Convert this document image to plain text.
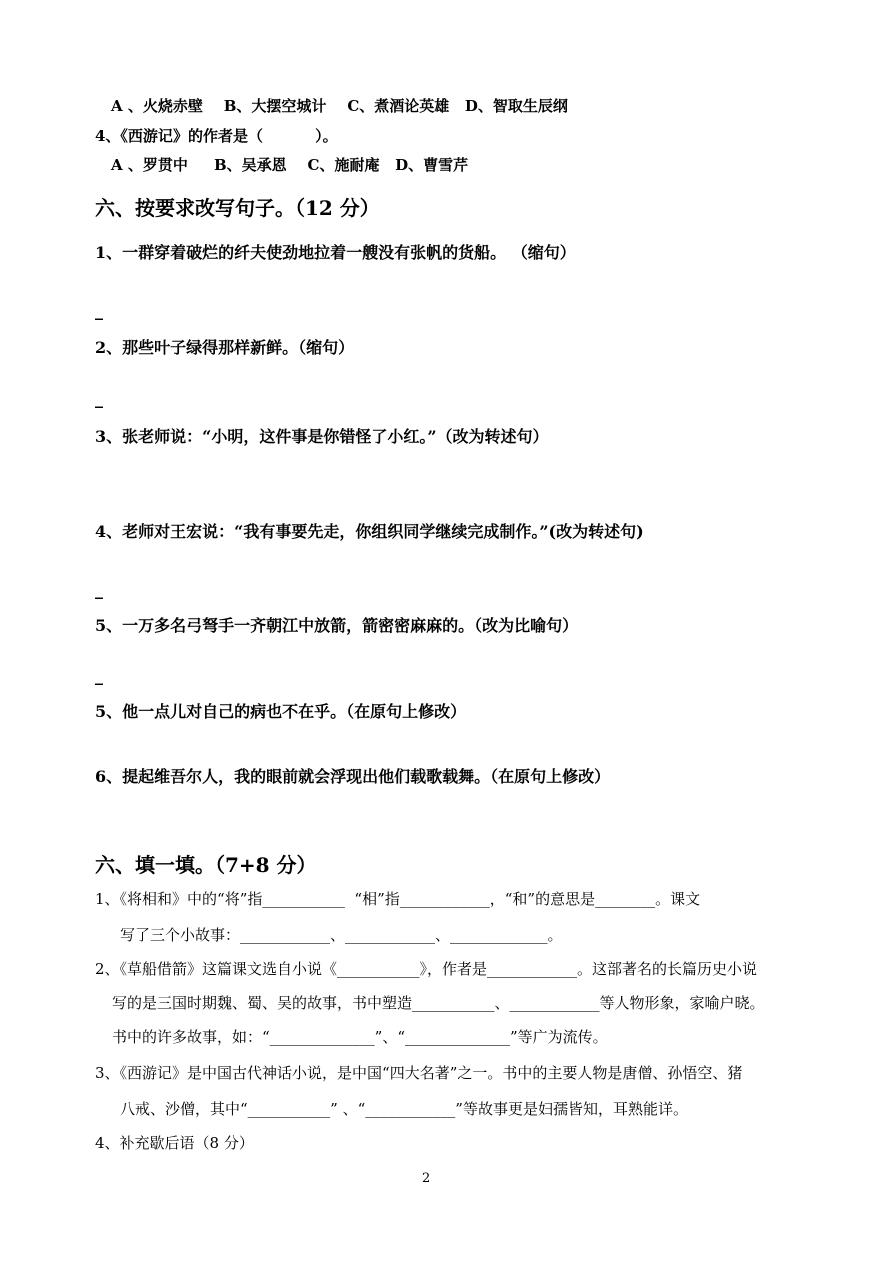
A 、火烧赤壁    B、大摆空城计    C、煮酒论英雄   D、智取生辰纲
4、《西游记》的作者是（          ）。
A 、罗贯中     B、吴承恩    C、施耐庵   D、曹雪芹
六、按要求改写句子。（12 分）
1、一群穿着破烂的纤夫使劲地拉着一艘没有张帆的货船。 （缩句）
_
2、那些叶子绿得那样新鲜。（缩句）
_
3、张老师说：“小明，这件事是你错怪了小红。”（改为转述句）
4、老师对王宏说：“我有事要先走，你组织同学继续完成制作。”(改为转述句)
_
5、一万多名弓弩手一齐朝江中放箭，箭密密麻麻的。（改为比喻句）
_
5、他一点儿对自己的病也不在乎。（在原句上修改）
6、提起维吾尔人，我的眼前就会浮现出他们载歌载舞。（在原句上修改）
六、填一填。（7+8 分）
1、《将相和》中的“将”指___________  “相”指____________，“和”的意思是________。课文
写了三个小故事：____________、____________、_____________。
2、《草船借箭》这篇课文选自小说《___________》，作者是____________。这部著名的长篇历史小说
写的是三国时期魏、蜀、吴的故事，书中塑造___________、____________等人物形象，家喻户晓。
书中的许多故事，如：“______________”、“______________”等广为流传。
3、《西游记》是中国古代神话小说，是中国“四大名著”之一。书中的主要人物是唐僧、孙悟空、猪
八戒、沙僧，其中“___________” 、“____________”等故事更是妇孺皆知，耳熟能详。
4、补充歇后语（8 分）
2
